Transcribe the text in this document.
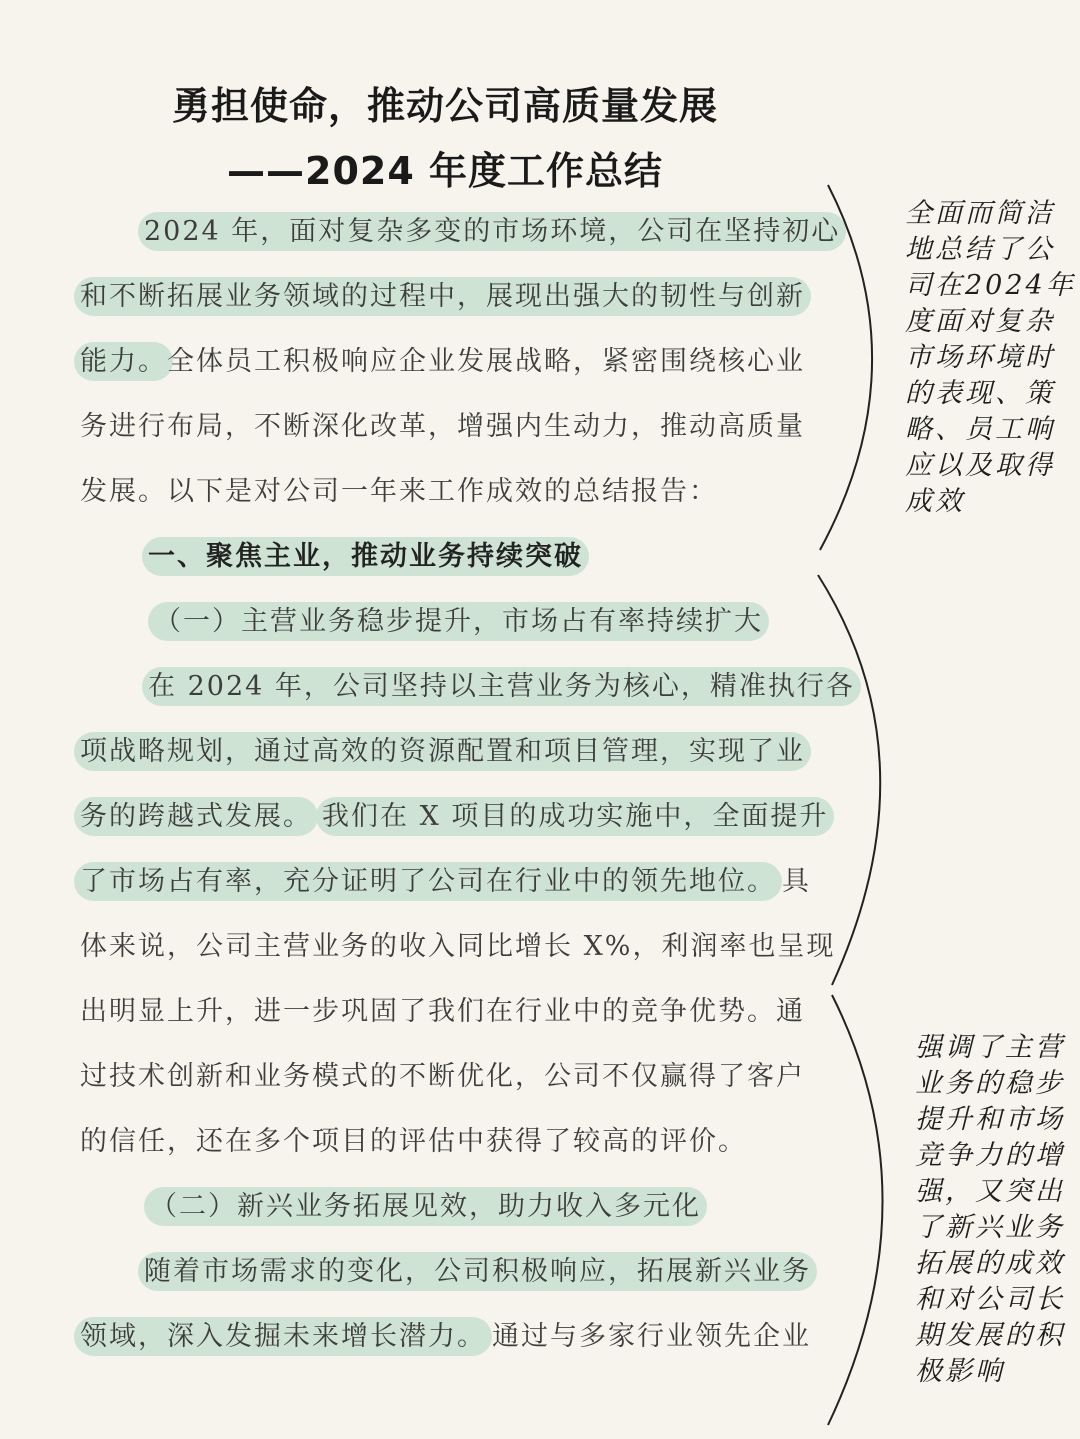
勇担使命，推动公司高质量发展
——2024 年度工作总结
2024 年，面对复杂多变的市场环境，公司在坚持初心
和不断拓展业务领域的过程中，展现出强大的韧性与创新
能力。全体员工积极响应企业发展战略，紧密围绕核心业
务进行布局，不断深化改革，增强内生动力，推动高质量
发展。以下是对公司一年来工作成效的总结报告：
一、聚焦主业，推动业务持续突破
（一）主营业务稳步提升，市场占有率持续扩大
在 2024 年，公司坚持以主营业务为核心，精准执行各
项战略规划，通过高效的资源配置和项目管理，实现了业
务的跨越式发展。 我们在 X 项目的成功实施中，全面提升
了市场占有率，充分证明了公司在行业中的领先地位。 具
体来说，公司主营业务的收入同比增长 X%，利润率也呈现
出明显上升，进一步巩固了我们在行业中的竞争优势。通
过技术创新和业务模式的不断优化，公司不仅赢得了客户
的信任，还在多个项目的评估中获得了较高的评价。
（二）新兴业务拓展见效，助力收入多元化
随着市场需求的变化，公司积极响应，拓展新兴业务
领域，深入发掘未来增长潜力。 通过与多家行业领先企业
全面而简洁
地总结了公
司在2024年
度面对复杂
市场环境时
的表现、策
略、员工响
应以及取得
成效
强调了主营
业务的稳步
提升和市场
竞争力的增
强，又突出
了新兴业务
拓展的成效
和对公司长
期发展的积
极影响
